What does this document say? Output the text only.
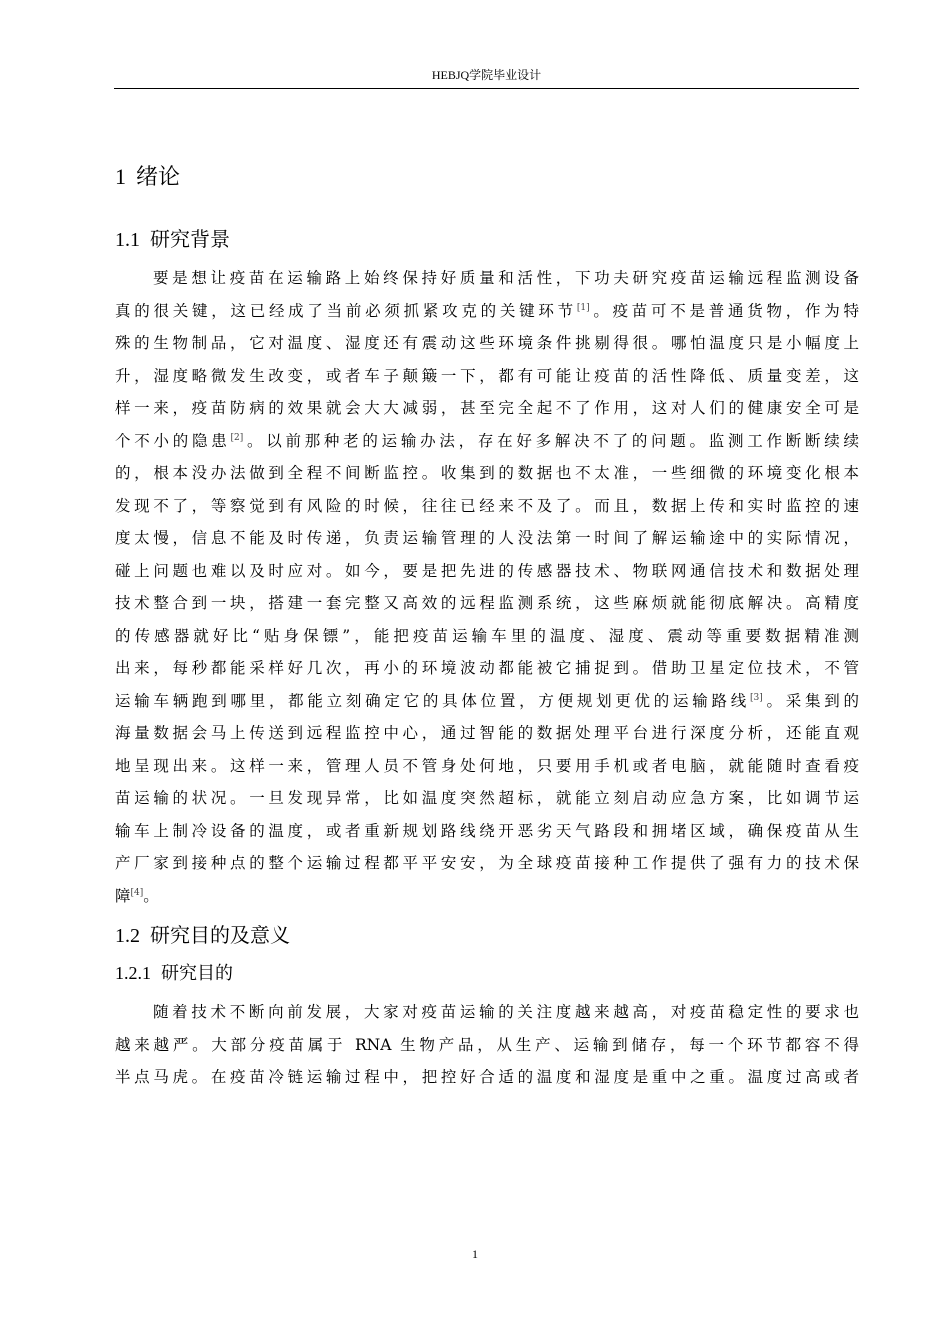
HEBJQ学院毕业设计
1 绪论
1.1 研究背景
要是想让疫苗在运输路上始终保持好质量和活性，下功夫研究疫苗运输远程监测设备
真的很关键，这已经成了当前必须抓紧攻克的关键环节[1]。疫苗可不是普通货物，作为特
殊的生物制品，它对温度、湿度还有震动这些环境条件挑剔得很。哪怕温度只是小幅度上
升，湿度略微发生改变，或者车子颠簸一下，都有可能让疫苗的活性降低、质量变差，这
样一来，疫苗防病的效果就会大大减弱，甚至完全起不了作用，这对人们的健康安全可是
个不小的隐患[2]。以前那种老的运输办法，存在好多解决不了的问题。监测工作断断续续
的，根本没办法做到全程不间断监控。收集到的数据也不太准，一些细微的环境变化根本
发现不了，等察觉到有风险的时候，往往已经来不及了。而且，数据上传和实时监控的速
度太慢，信息不能及时传递，负责运输管理的人没法第一时间了解运输途中的实际情况，
碰上问题也难以及时应对。如今，要是把先进的传感器技术、物联网通信技术和数据处理
技术整合到一块，搭建一套完整又高效的远程监测系统，这些麻烦就能彻底解决。高精度
的传感器就好比“贴身保镖”，能把疫苗运输车里的温度、湿度、震动等重要数据精准测
出来，每秒都能采样好几次，再小的环境波动都能被它捕捉到。借助卫星定位技术，不管
运输车辆跑到哪里，都能立刻确定它的具体位置，方便规划更优的运输路线[3]。采集到的
海量数据会马上传送到远程监控中心，通过智能的数据处理平台进行深度分析，还能直观
地呈现出来。这样一来，管理人员不管身处何地，只要用手机或者电脑，就能随时查看疫
苗运输的状况。一旦发现异常，比如温度突然超标，就能立刻启动应急方案，比如调节运
输车上制冷设备的温度，或者重新规划路线绕开恶劣天气路段和拥堵区域，确保疫苗从生
产厂家到接种点的整个运输过程都平平安安，为全球疫苗接种工作提供了强有力的技术保
障[4]。
1.2 研究目的及意义
1.2.1 研究目的
随着技术不断向前发展，大家对疫苗运输的关注度越来越高，对疫苗稳定性的要求也
越来越严。大部分疫苗属于 RNA 生物产品，从生产、运输到储存，每一个环节都容不得
半点马虎。在疫苗冷链运输过程中，把控好合适的温度和湿度是重中之重。温度过高或者
1
